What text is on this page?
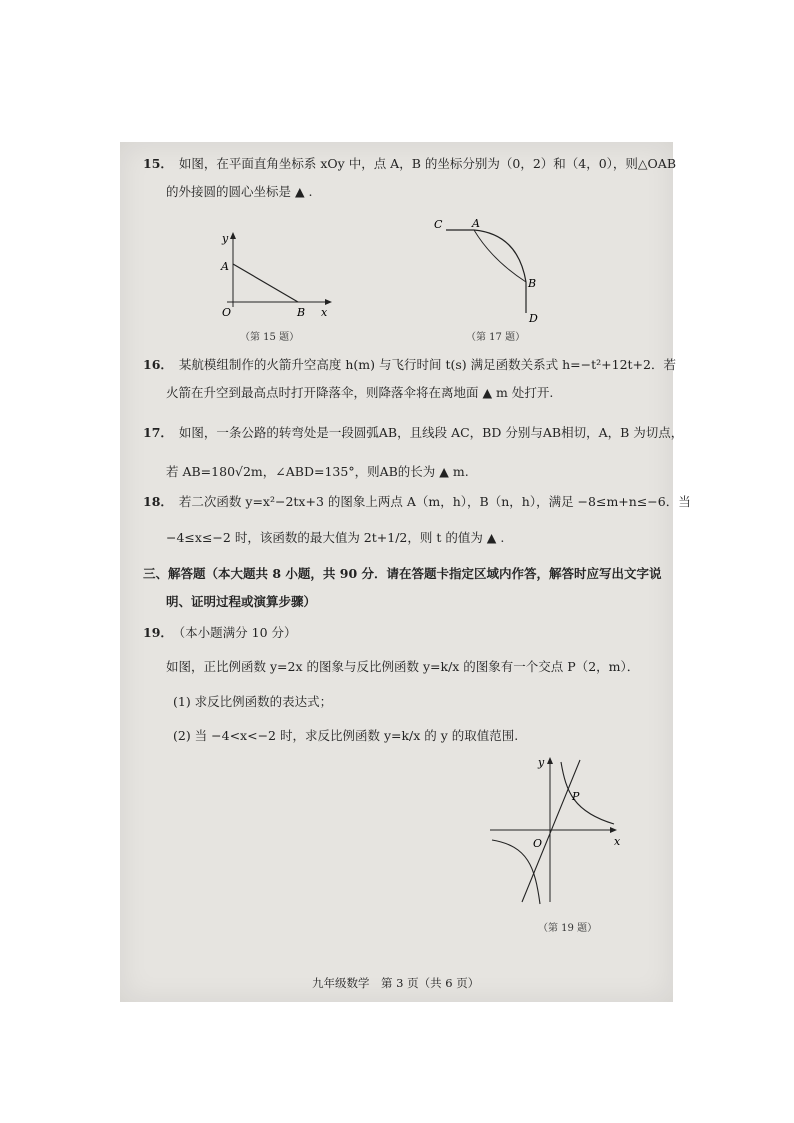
15． 如图，在平面直角坐标系 xOy 中，点 A，B 的坐标分别为（0，2）和（4，0），则△OAB
的外接圆的圆心坐标是 ▲ .
y
A
O	B x
（第 15 题）
C	A
B
D
（第 17 题）
16． 某航模组制作的火箭升空高度 h(m) 与飞行时间 t(s) 满足函数关系式 h=−t²+12t+2．若
火箭在升空到最高点时打开降落伞，则降落伞将在离地面 ▲ m 处打开.
17． 如图，一条公路的转弯处是一段圆弧AB，且线段 AC，BD 分别与AB相切，A，B 为切点，
若 AB=180√2m，∠ABD=135°，则AB的长为 ▲ m.
18． 若二次函数 y=x²−2tx+3 的图象上两点 A（m，h），B（n，h），满足 −8≤m+n≤−6．当
−4≤x≤−2 时，该函数的最大值为 2t+1/2，则 t 的值为 ▲ .
三、解答题（本大题共 8 小题，共 90 分．请在答题卡指定区域内作答，解答时应写出文字说
明、证明过程或演算步骤）
19． （本小题满分 10 分）
如图，正比例函数 y=2x 的图象与反比例函数 y=k/x 的图象有一个交点 P（2，m）．
(1) 求反比例函数的表达式；
(2) 当 −4<x<−2 时，求反比例函数 y=k/x 的 y 的取值范围.
y
P
O	x
（第 19 题）
九年级数学　第 3 页（共 6 页）
